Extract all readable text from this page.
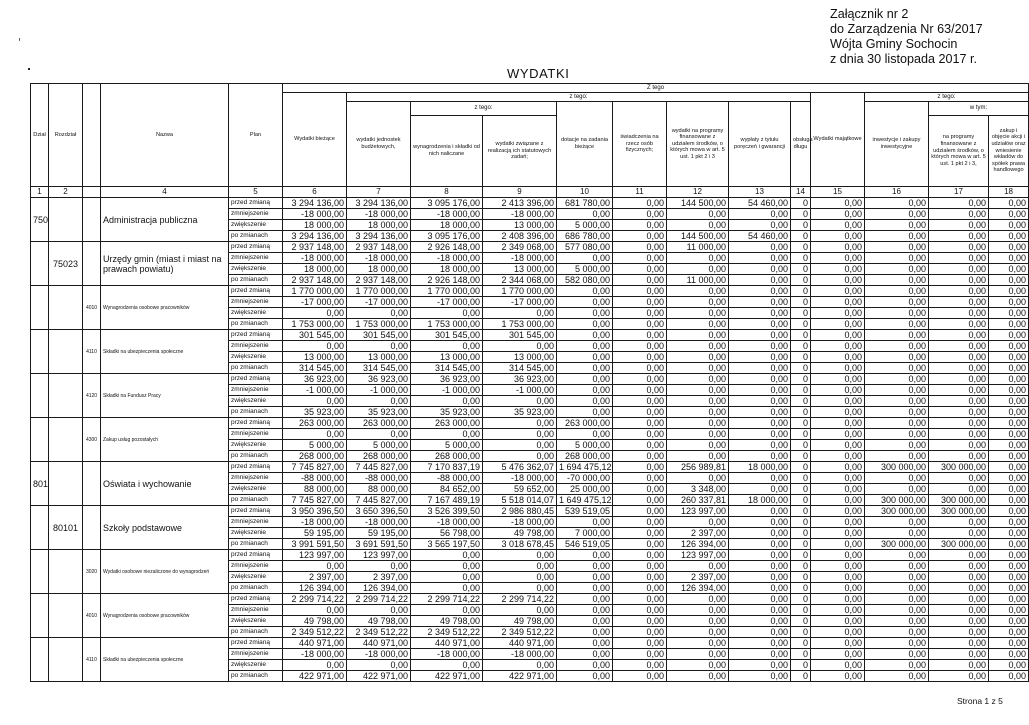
Załącznik nr 2
do Zarządzenia Nr 63/2017
Wójta Gminy Sochocin
z dnia 30 listopada 2017 r.
WYDATKI
Dział	Rozdział		Nazwa	Plan	Z tego													
					Wydatki bieżące	z tego:								Wydatki majątkowe	z tego:			
						wydatki jednostek budżetowych,	z tego:		dotacje na zadania bieżące	świadczenia na rzecz osób fizycznych;	wydatki na programy finansowane z udziałem środków, o których mowa w art. 5 ust. 1 pkt 2 i 3	wypłaty z tytułu poręczeń i gwarancji	obsługa długu		inwestycje i zakupy inwestycyjne	w tym:		
							wynagrodzenia i składki od nich naliczane	wydatki związane z realizacją ich statutowych zadań;								na programy finansowane z udziałem środków, o których mowa w art. 5 ust. 1 pkt 2 i 3,	zakup i objęcie akcji i udziałów oraz wniesienie wkładów do spółek prawa handlowego	
1	2		4	5	6	7	8	9	10	11	12	13	14	15	16	17	18	
750			Administracja publiczna	przed zmianą	3 294 136,00	3 294 136,00	3 095 176,00	2 413 396,00	681 780,00	0,00	144 500,00	54 460,00	0	0,00	0,00	0,00	0,00	
				zmniejszenie	-18 000,00	-18 000,00	-18 000,00	-18 000,00	0,00	0,00	0,00	0,00	0	0,00	0,00	0,00	0,00	
				zwiększenie	18 000,00	18 000,00	18 000,00	13 000,00	5 000,00	0,00	0,00	0,00	0	0,00	0,00	0,00	0,00	
				po zmianach	3 294 136,00	3 294 136,00	3 095 176,00	2 408 396,00	686 780,00	0,00	144 500,00	54 460,00	0	0,00	0,00	0,00	0,00	
	75023		Urzędy gmin (miast i miast na prawach powiatu)	przed zmianą	2 937 148,00	2 937 148,00	2 926 148,00	2 349 068,00	577 080,00	0,00	11 000,00	0,00	0	0,00	0,00	0,00	0,00	
				zmniejszenie	-18 000,00	-18 000,00	-18 000,00	-18 000,00	0,00	0,00	0,00	0,00	0	0,00	0,00	0,00	0,00	
				zwiększenie	18 000,00	18 000,00	18 000,00	13 000,00	5 000,00	0,00	0,00	0,00	0	0,00	0,00	0,00	0,00	
				po zmianach	2 937 148,00	2 937 148,00	2 926 148,00	2 344 068,00	582 080,00	0,00	11 000,00	0,00	0	0,00	0,00	0,00	0,00	
		4010	Wynagrodzenia osobowe pracowników	przed zmianą	1 770 000,00	1 770 000,00	1 770 000,00	1 770 000,00	0,00	0,00	0,00	0,00	0	0,00	0,00	0,00	0,00	
				zmniejszenie	-17 000,00	-17 000,00	-17 000,00	-17 000,00	0,00	0,00	0,00	0,00	0	0,00	0,00	0,00	0,00	
				zwiększenie	0,00	0,00	0,00	0,00	0,00	0,00	0,00	0,00	0	0,00	0,00	0,00	0,00	
				po zmianach	1 753 000,00	1 753 000,00	1 753 000,00	1 753 000,00	0,00	0,00	0,00	0,00	0	0,00	0,00	0,00	0,00	
		4110	Składki na ubezpieczenia społeczne	przed zmianą	301 545,00	301 545,00	301 545,00	301 545,00	0,00	0,00	0,00	0,00	0	0,00	0,00	0,00	0,00	
				zmniejszenie	0,00	0,00	0,00	0,00	0,00	0,00	0,00	0,00	0	0,00	0,00	0,00	0,00	
				zwiększenie	13 000,00	13 000,00	13 000,00	13 000,00	0,00	0,00	0,00	0,00	0	0,00	0,00	0,00	0,00	
				po zmianach	314 545,00	314 545,00	314 545,00	314 545,00	0,00	0,00	0,00	0,00	0	0,00	0,00	0,00	0,00	
		4120	Składki na Fundusz Pracy	przed zmianą	36 923,00	36 923,00	36 923,00	36 923,00	0,00	0,00	0,00	0,00	0	0,00	0,00	0,00	0,00	
				zmniejszenie	-1 000,00	-1 000,00	-1 000,00	-1 000,00	0,00	0,00	0,00	0,00	0	0,00	0,00	0,00	0,00	
				zwiększenie	0,00	0,00	0,00	0,00	0,00	0,00	0,00	0,00	0	0,00	0,00	0,00	0,00	
				po zmianach	35 923,00	35 923,00	35 923,00	35 923,00	0,00	0,00	0,00	0,00	0	0,00	0,00	0,00	0,00	
		4300	Zakup usług pozostałych	przed zmianą	263 000,00	263 000,00	263 000,00	0,00	263 000,00	0,00	0,00	0,00	0	0,00	0,00	0,00	0,00	
				zmniejszenie	0,00	0,00	0,00	0,00	0,00	0,00	0,00	0,00	0	0,00	0,00	0,00	0,00	
				zwiększenie	5 000,00	5 000,00	5 000,00	0,00	5 000,00	0,00	0,00	0,00	0	0,00	0,00	0,00	0,00	
				po zmianach	268 000,00	268 000,00	268 000,00	0,00	268 000,00	0,00	0,00	0,00	0	0,00	0,00	0,00	0,00	
801			Oświata i wychowanie	przed zmianą	7 745 827,00	7 445 827,00	7 170 837,19	5 476 362,07	1 694 475,12	0,00	256 989,81	18 000,00	0	0,00	300 000,00	300 000,00	0,00	
				zmniejszenie	-88 000,00	-88 000,00	-88 000,00	-18 000,00	-70 000,00	0,00	0,00	0,00	0	0,00	0,00	0,00	0,00	
				zwiększenie	88 000,00	88 000,00	84 652,00	59 652,00	25 000,00	0,00	3 348,00	0,00	0	0,00	0,00	0,00	0,00	
				po zmianach	7 745 827,00	7 445 827,00	7 167 489,19	5 518 014,07	1 649 475,12	0,00	260 337,81	18 000,00	0	0,00	300 000,00	300 000,00	0,00	
	80101		Szkoły podstawowe	przed zmianą	3 950 396,50	3 650 396,50	3 526 399,50	2 986 880,45	539 519,05	0,00	123 997,00	0,00	0	0,00	300 000,00	300 000,00	0,00	
				zmniejszenie	-18 000,00	-18 000,00	-18 000,00	-18 000,00	0,00	0,00	0,00	0,00	0	0,00	0,00	0,00	0,00	
				zwiększenie	59 195,00	59 195,00	56 798,00	49 798,00	7 000,00	0,00	2 397,00	0,00	0	0,00	0,00	0,00	0,00	
				po zmianach	3 991 591,50	3 691 591,50	3 565 197,50	3 018 678,45	546 519,05	0,00	126 394,00	0,00	0	0,00	300 000,00	300 000,00	0,00	
		3020	Wydatki osobowe niezaliczone do wynagrodzeń	przed zmianą	123 997,00	123 997,00	0,00	0,00	0,00	0,00	123 997,00	0,00	0	0,00	0,00	0,00	0,00	
				zmniejszenie	0,00	0,00	0,00	0,00	0,00	0,00	0,00	0,00	0	0,00	0,00	0,00	0,00	
				zwiększenie	2 397,00	2 397,00	0,00	0,00	0,00	0,00	2 397,00	0,00	0	0,00	0,00	0,00	0,00	
				po zmianach	126 394,00	126 394,00	0,00	0,00	0,00	0,00	126 394,00	0,00	0	0,00	0,00	0,00	0,00	
		4010	Wynagrodzenia osobowe pracowników	przed zmianą	2 299 714,22	2 299 714,22	2 299 714,22	2 299 714,22	0,00	0,00	0,00	0,00	0	0,00	0,00	0,00	0,00	
				zmniejszenie	0,00	0,00	0,00	0,00	0,00	0,00	0,00	0,00	0	0,00	0,00	0,00	0,00	
				zwiększenie	49 798,00	49 798,00	49 798,00	49 798,00	0,00	0,00	0,00	0,00	0	0,00	0,00	0,00	0,00	
				po zmianach	2 349 512,22	2 349 512,22	2 349 512,22	2 349 512,22	0,00	0,00	0,00	0,00	0	0,00	0,00	0,00	0,00	
		4110	Składki na ubezpieczenia społeczne	przed zmianą	440 971,00	440 971,00	440 971,00	440 971,00	0,00	0,00	0,00	0,00	0	0,00	0,00	0,00	0,00	
				zmniejszenie	-18 000,00	-18 000,00	-18 000,00	-18 000,00	0,00	0,00	0,00	0,00	0	0,00	0,00	0,00	0,00	
				zwiększenie	0,00	0,00	0,00	0,00	0,00	0,00	0,00	0,00	0	0,00	0,00	0,00	0,00	
				po zmianach	422 971,00	422 971,00	422 971,00	422 971,00	0,00	0,00	0,00	0,00	0	0,00	0,00	0,00	0,00	
Strona 1 z 5
